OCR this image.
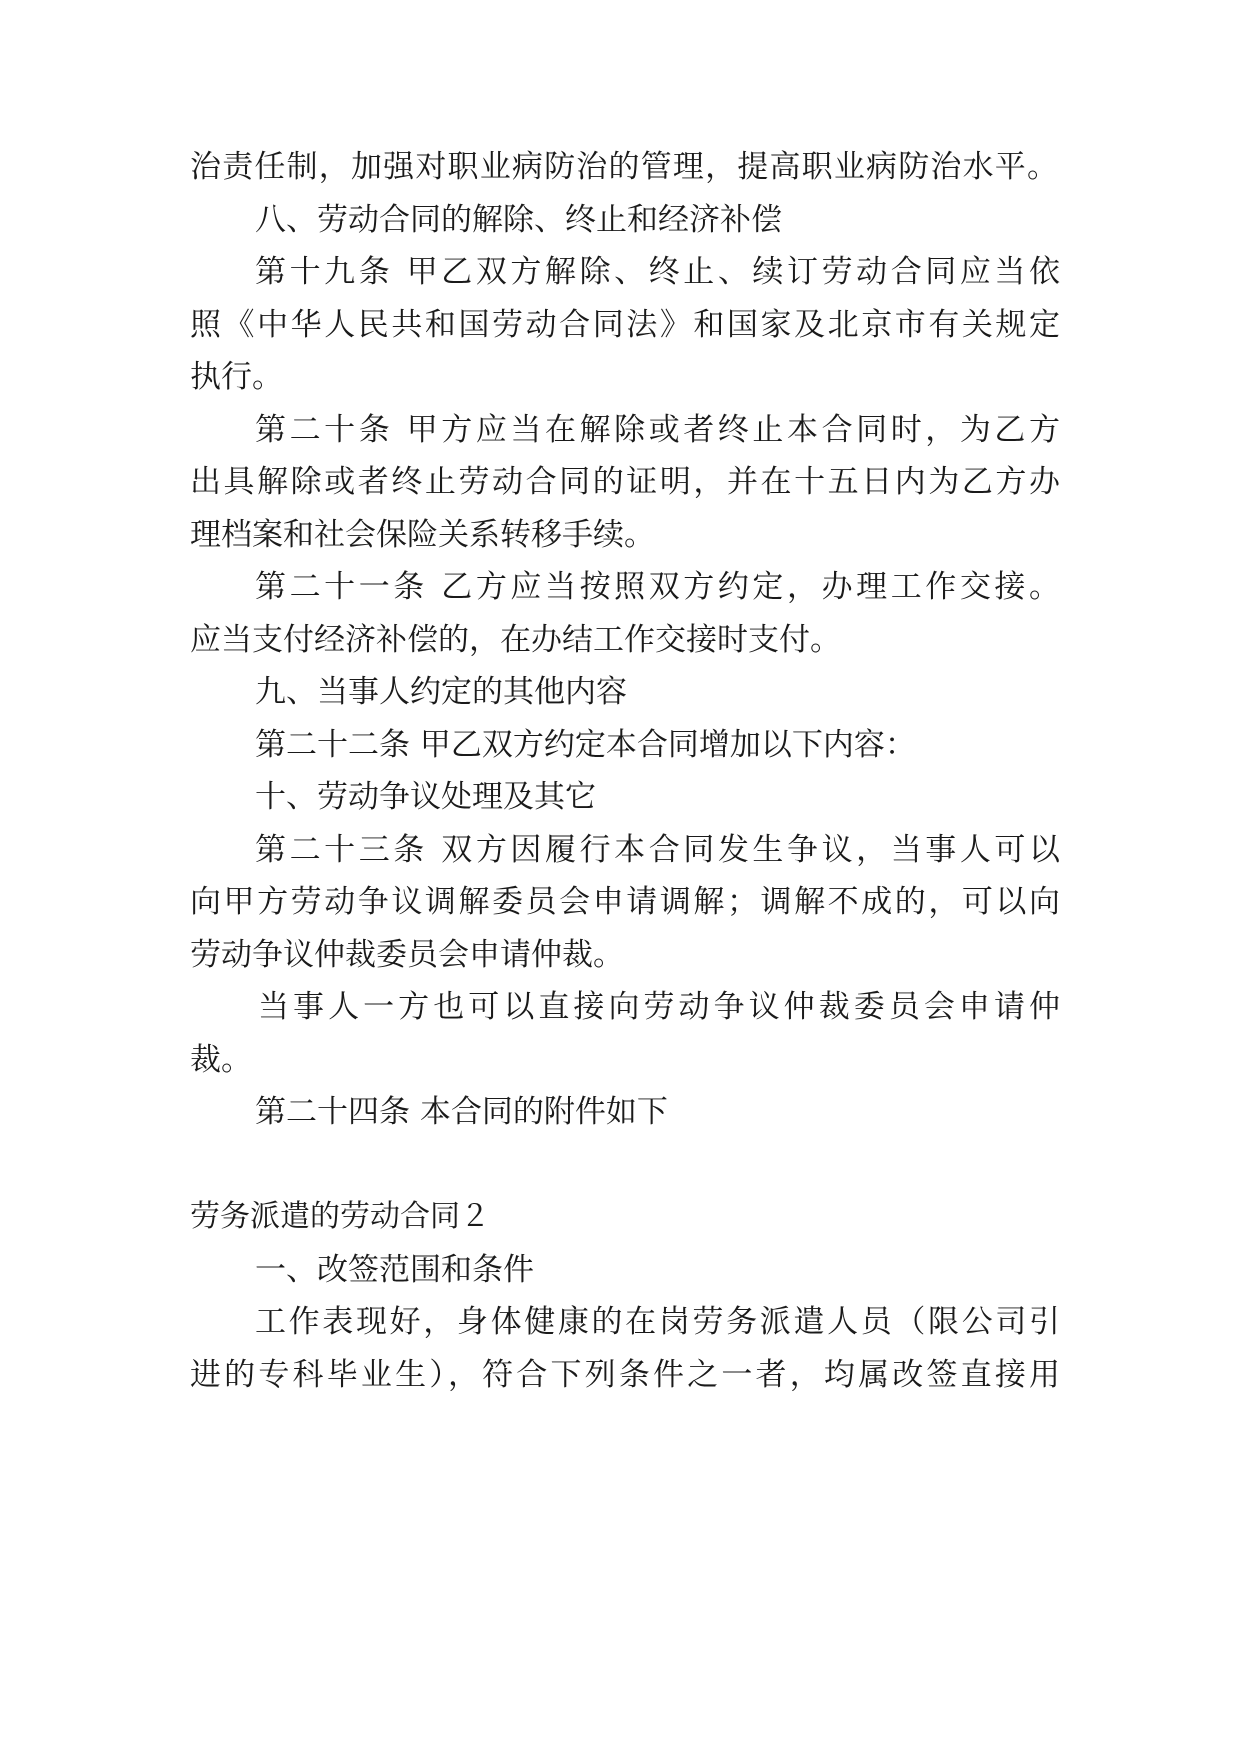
治责任制，加强对职业病防治的管理，提高职业病防治水平。
八、劳动合同的解除、终止和经济补偿
第十九条 甲乙双方解除、终止、续订劳动合同应当依
照《中华人民共和国劳动合同法》和国家及北京市有关规定
执行。
第二十条 甲方应当在解除或者终止本合同时，为乙方
出具解除或者终止劳动合同的证明，并在十五日内为乙方办
理档案和社会保险关系转移手续。
第二十一条 乙方应当按照双方约定，办理工作交接。
应当支付经济补偿的，在办结工作交接时支付。
九、当事人约定的其他内容
第二十二条 甲乙双方约定本合同增加以下内容：
十、劳动争议处理及其它
第二十三条 双方因履行本合同发生争议，当事人可以
向甲方劳动争议调解委员会申请调解；调解不成的，可以向
劳动争议仲裁委员会申请仲裁。
当事人一方也可以直接向劳动争议仲裁委员会申请仲
裁。
第二十四条 本合同的附件如下
劳务派遣的劳动合同２
一、改签范围和条件
工作表现好，身体健康的在岗劳务派遣人员（限公司引
进的专科毕业生），符合下列条件之一者，均属改签直接用
